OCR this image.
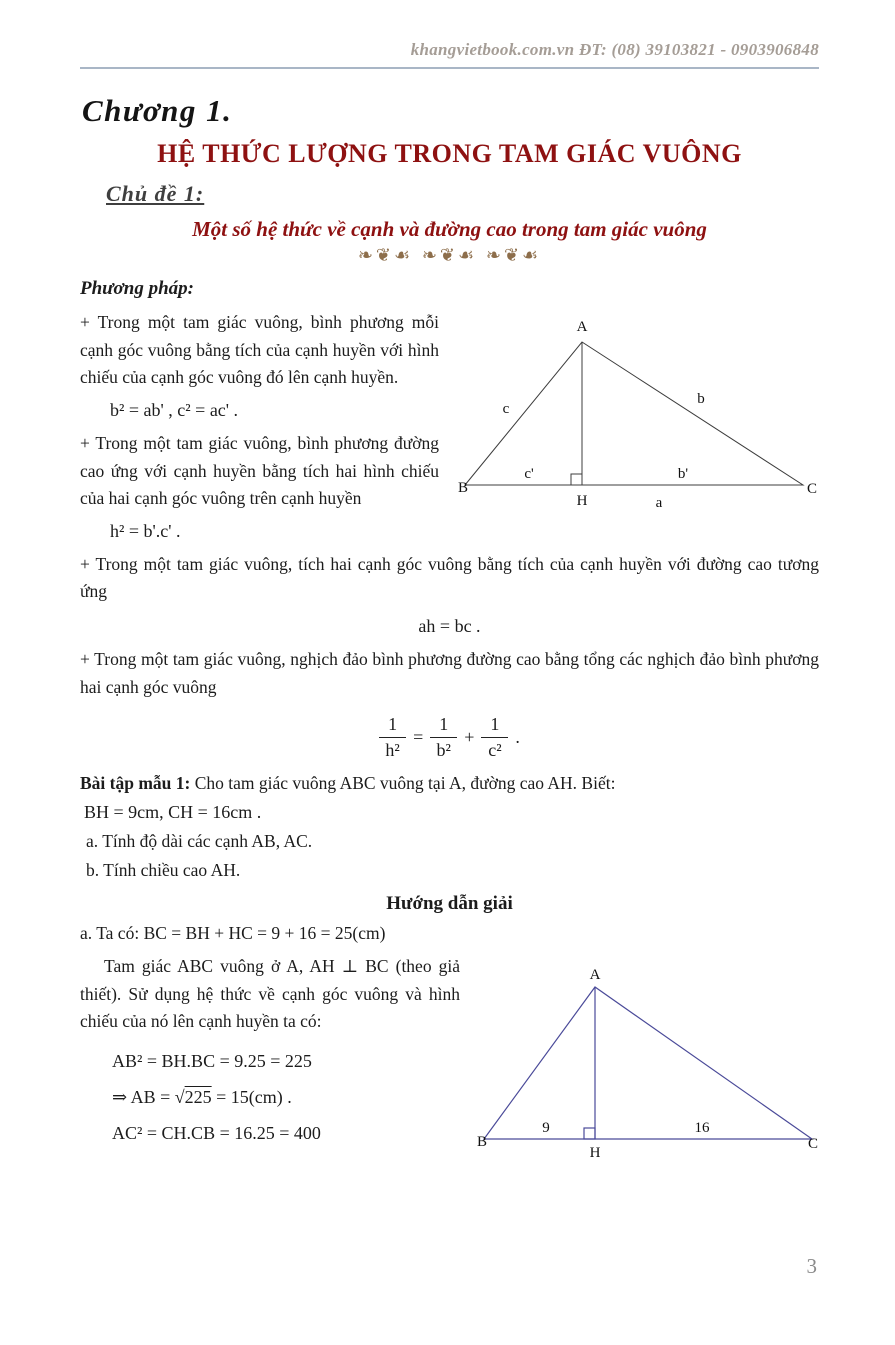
khangvietbook.com.vn ĐT: (08) 39103821 - 0903906848
Chương 1.
HỆ THỨC LƯỢNG TRONG TAM GIÁC VUÔNG
Chủ đề 1:
Một số hệ thức về cạnh và đường cao trong tam giác vuông
❧❦☙ ❧❦☙ ❧❦☙
Phương pháp:
A
B	C
H
c
b
c'	b'
a

+ Trong một tam giác vuông, bình phương mỗi cạnh góc vuông bằng tích của cạnh huyền với hình chiếu của cạnh góc vuông đó lên cạnh huyền.

b² = ab' , c² = ac' .

+ Trong một tam giác vuông, bình phương đường cao ứng với cạnh huyền bằng tích hai hình chiếu của hai cạnh góc vuông trên cạnh huyền

h² = b'.c' .

+ Trong một tam giác vuông, tích hai cạnh góc vuông bằng tích của cạnh huyền với đường cao tương ứng

ah = bc .

+ Trong một tam giác vuông, nghịch đảo bình phương đường cao bằng tổng các nghịch đảo bình phương hai cạnh góc vuông

$\frac{1}{\text{h²}} = \frac{1}{\text{b²}} + \frac{1}{\text{c²}}$ .

Bài tập mẫu 1: Cho tam giác vuông ABC vuông tại A, đường cao AH. Biết:

BH = 9cm, CH = 16cm .
a. Tính độ dài các cạnh AB, AC.
b. Tính chiều cao AH.
Hướng dẫn giải
a. Ta có: BC = BH + HC = 9 + 16 = 25(cm)
A
B	C
H
9	16

Tam giác ABC vuông ở A, AH ⊥ BC (theo giả thiết). Sử dụng hệ thức về cạnh góc vuông và hình chiếu của nó lên cạnh huyền ta có:

AB² = BH.BC = 9.25 = 225
⇒ AB = √225 = 15(cm) .
AC² = CH.CB = 16.25 = 400
3
